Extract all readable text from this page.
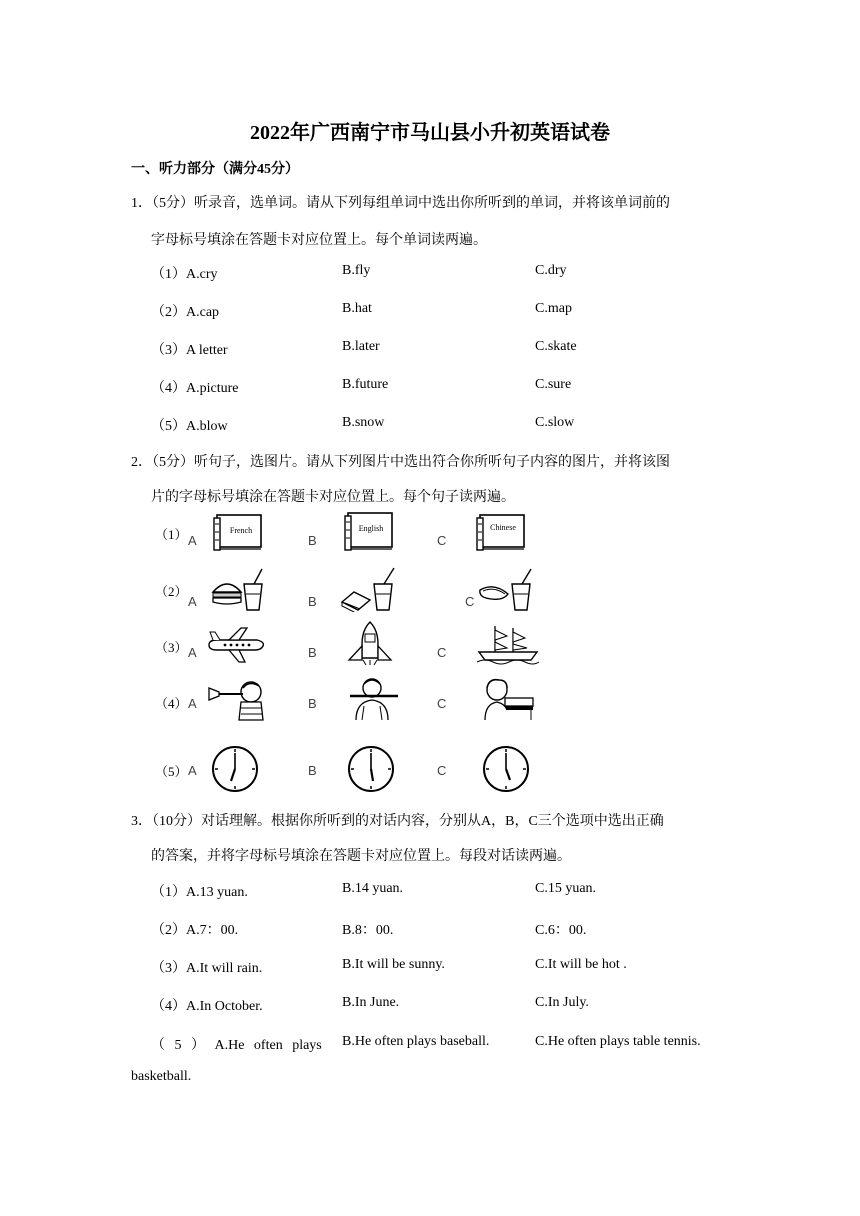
2022年广西南宁市马山县小升初英语试卷
一、听力部分（满分45分）
1．（5分）听录音，选单词。请从下列每组单词中选出你所听到的单词，并将该单词前的
字母标号填涂在答题卡对应位置上。每个单词读两遍。
（1）A.cry	B.fly	C.dry
（2）A.cap	B.hat	C.map
（3）A letter	B.later	C.skate
（4）A.picture	B.future	C.sure
（5）A.blow	B.snow	C.slow
2．（5分）听句子，选图片。请从下列图片中选出符合你所听句子内容的图片，并将该图
片的字母标号填涂在答题卡对应位置上。每个句子读两遍。
（1） A	B	C
French	English	Chinese
（2）
A	B	C
（3） A	B	C
（4） A	B	C
（5） A	B	C
3．（10分）对话理解。根据你所听到的对话内容，分别从A，B，C三个选项中选出正确
的答案，并将字母标号填涂在答题卡对应位置上。每段对话读两遍。
（1）A.13 yuan.	B.14 yuan.	C.15 yuan.
（2）A.7：00.	B.8：00.	C.6：00.
（3）A.It will rain.	B.It will be sunny.	C.It will be hot .
（4）A.In October.	B.In June.	C.In July.
（ 5 ） A.He often plays
basketball.
B.He often plays baseball.	C.He often plays table tennis.
